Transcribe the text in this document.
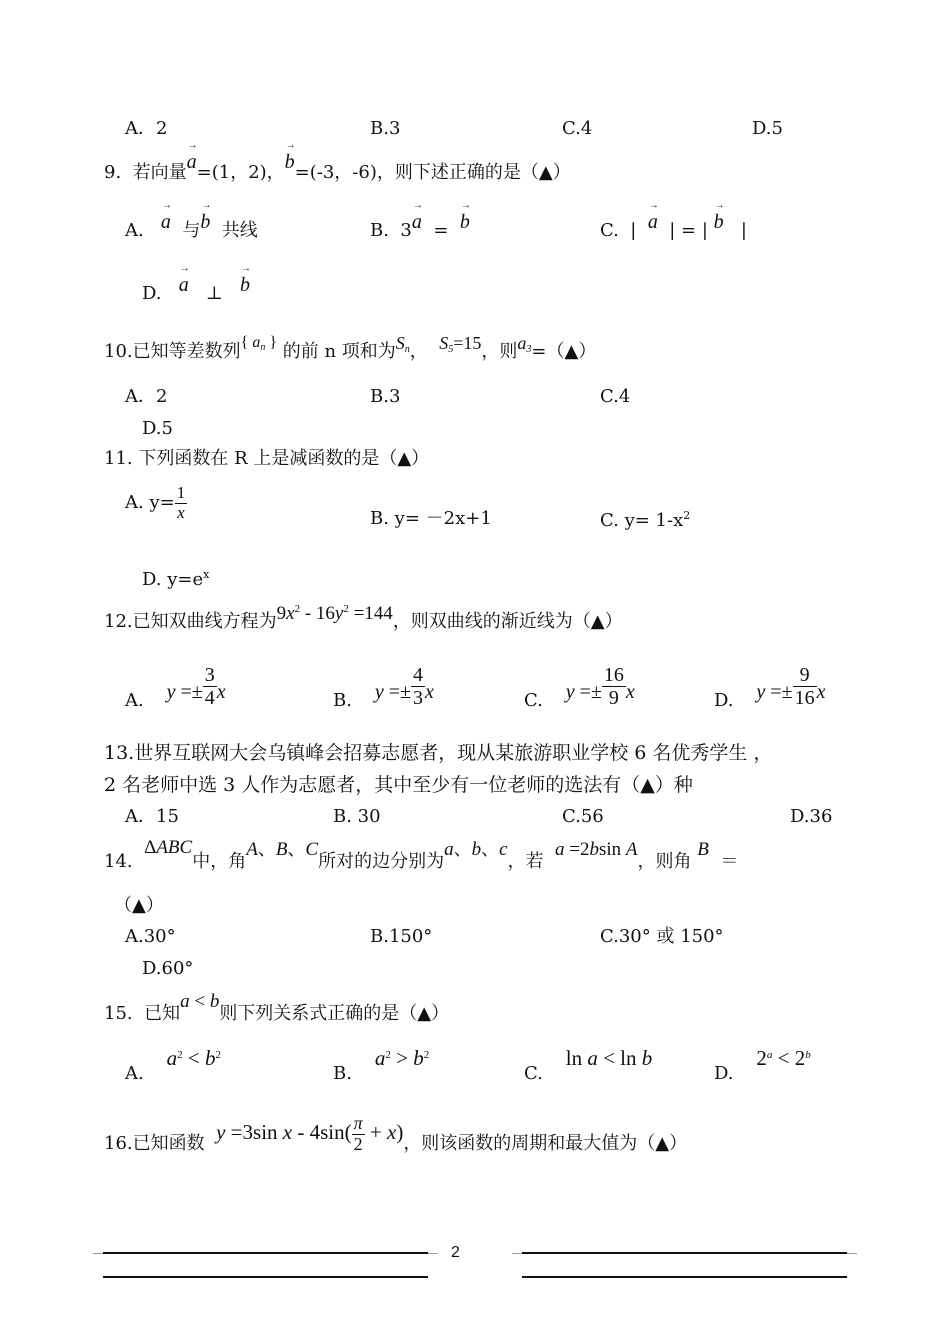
A．2	B.3	C.4	D.5
9. 若向量→ a=(1，2)，→ b=(-3，-6)，则下述正确的是（▲）
A. → a 与→ b 共线	B. 3→ a = → b	C.  |  → a | = | → b   |
D. → a ⊥ → b
10.已知等差数列{ $a_n$ } 的前 n 项和为$S_n$，  $S_5=15$，则$a_3=(▲)$
A．2	B.3	C.4
D.5
11. 下列函数在 R 上是减函数的是（▲）
A. $y= \frac{1}{x}$	B. y= －2x+1	C. $y= 1-x^2$
D. $y=e^x$
12.已知双曲线方程为$9x^2 - 16y^2 =144$，则双曲线的渐近线为（▲）
A. $y =\pm \frac{3}{4}$ x	B. $y =\pm \frac{4}{3}$ x	C. $y =\pm \frac{16}{9}$ x	D. $y =\pm \frac{9}{16}$ x
13.世界互联网大会乌镇峰会招募志愿者，现从某旅游职业学校 6 名优秀学生 ，
2 名老师中选 3 人作为志愿者，其中至少有一位老师的选法有（▲）种
A．15	B. 30	C.56	D.36
14.  ΔABC中，角A、B、C所对的边分别为a、b、c，若  a =2bsin A，则角 B  ＝
（▲）
A.30°	B.150°	C.30° 或 150°
D.60°
15. 已知a < b则下列关系式正确的是（▲）
A.    $a^2 < b^2$
B.    $a^2 > b^2$
C.    ln a < ln b
D.    $2^a < 2^b$
16.已知函数 y =3sin $x - 4\sin( \frac{\pi}{2} + x)$，则该函数的周期和最大值为（▲）
2
